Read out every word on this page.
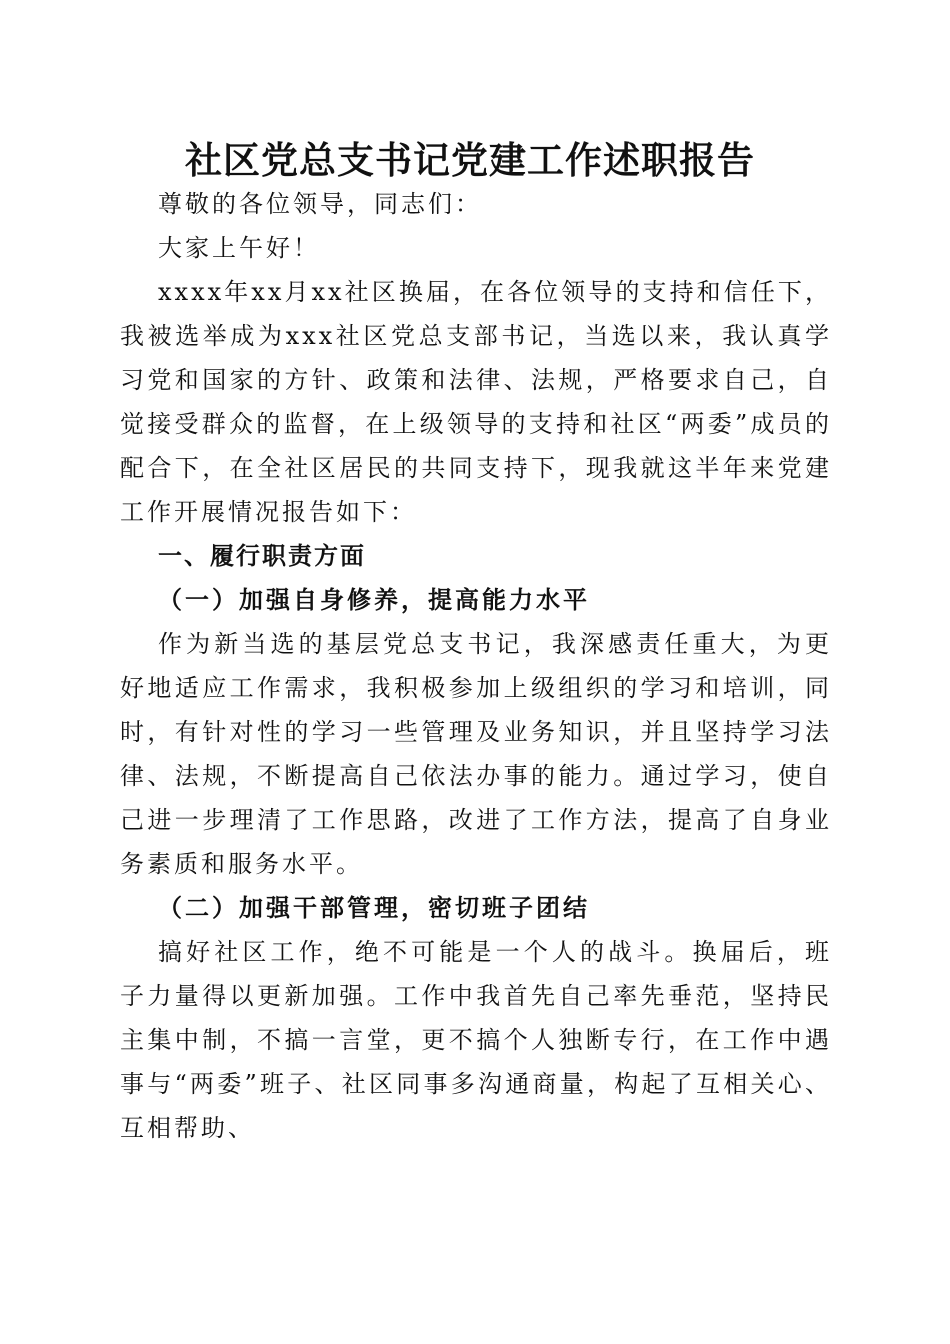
社区党总支书记党建工作述职报告

尊敬的各位领导，同志们：

大家上午好！

xxxx年xx月xx社区换届，在各位领导的支持和信任下，我被选举成为xxx社区党总支部书记，当选以来，我认真学习党和国家的方针、政策和法律、法规，严格要求自己，自觉接受群众的监督，在上级领导的支持和社区“两委”成员的配合下，在全社区居民的共同支持下，现我就这半年来党建工作开展情况报告如下：

一、履行职责方面

（一）加强自身修养，提高能力水平

作为新当选的基层党总支书记，我深感责任重大，为更好地适应工作需求，我积极参加上级组织的学习和培训，同时，有针对性的学习一些管理及业务知识，并且坚持学习法律、法规，不断提高自己依法办事的能力。通过学习，使自己进一步理清了工作思路，改进了工作方法，提高了自身业务素质和服务水平。

（二）加强干部管理，密切班子团结

搞好社区工作，绝不可能是一个人的战斗。换届后，班子力量得以更新加强。工作中我首先自己率先垂范，坚持民主集中制，不搞一言堂，更不搞个人独断专行，在工作中遇事与“两委”班子、社区同事多沟通商量，构起了互相关心、互相帮助、
